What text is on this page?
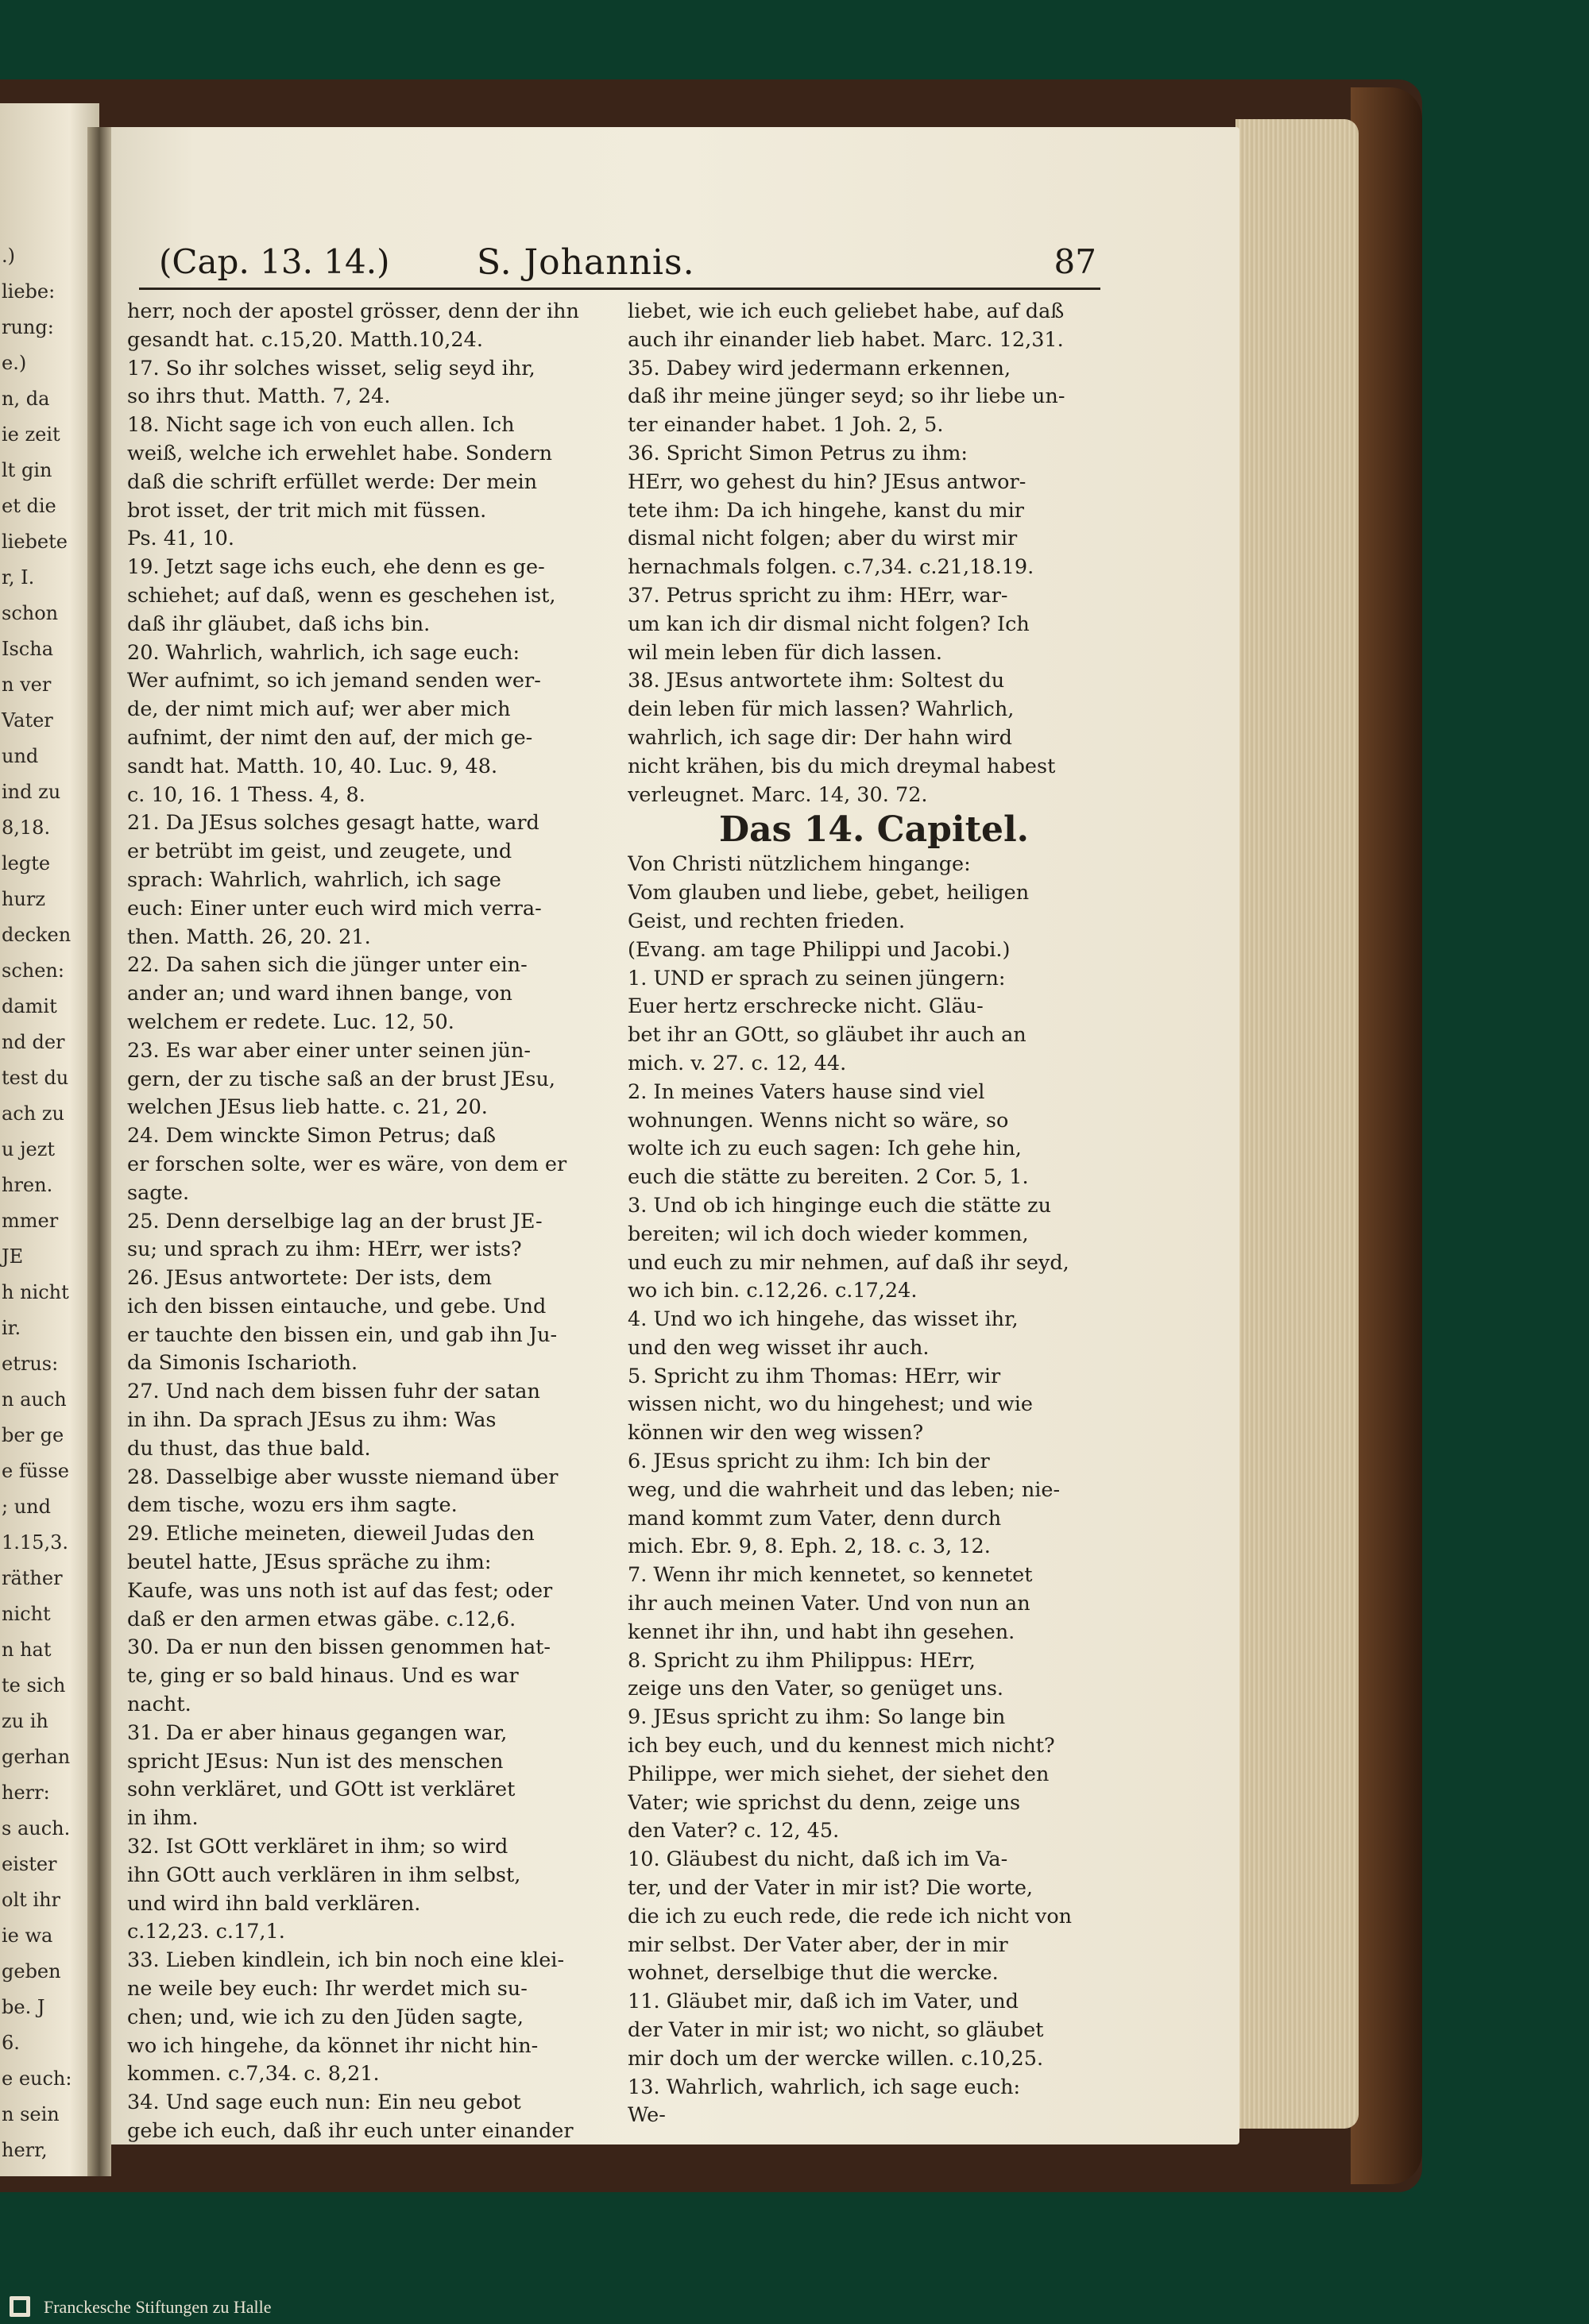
.)
liebe:
rung:
e.)
n, da
ie zeit
lt gin
et die
liebete
r, I.
schon
Ischa
n ver
Vater
und
ind zu
8,18.
legte
hurz
decken
schen:
damit
nd der
test du
ach zu
u jezt
hren.
mmer
JE
h nicht
ir.
etrus:
n auch
ber ge
e füsse
; und
1.15,3.
räther
nicht
n hat
te sich
zu ih
gerhan
herr:
s auch.
eister
olt ihr
ie wa
geben
be. J
6.
e euch:
n sein
herr,
(Cap. 13. 14.) S. Johannis.	87
herr, noch der apostel grösser, denn der ihn
gesandt hat. c.15,20. Matth.10,24.
17. So ihr solches wisset, selig seyd ihr,
so ihrs thut. Matth. 7, 24.
18. Nicht sage ich von euch allen. Ich
weiß, welche ich erwehlet habe. Sondern
daß die schrift erfüllet werde: Der mein
brot isset, der trit mich mit füssen.
Ps. 41, 10.
19. Jetzt sage ichs euch, ehe denn es ge-
schiehet; auf daß, wenn es geschehen ist,
daß ihr gläubet, daß ichs bin.
20. Wahrlich, wahrlich, ich sage euch:
Wer aufnimt, so ich jemand senden wer-
de, der nimt mich auf; wer aber mich
aufnimt, der nimt den auf, der mich ge-
sandt hat. Matth. 10, 40. Luc. 9, 48.
c. 10, 16. 1 Thess. 4, 8.
21. Da JEsus solches gesagt hatte, ward
er betrübt im geist, und zeugete, und
sprach: Wahrlich, wahrlich, ich sage
euch: Einer unter euch wird mich verra-
then. Matth. 26, 20. 21.
22. Da sahen sich die jünger unter ein-
ander an; und ward ihnen bange, von
welchem er redete. Luc. 12, 50.
23. Es war aber einer unter seinen jün-
gern, der zu tische saß an der brust JEsu,
welchen JEsus lieb hatte. c. 21, 20.
24. Dem winckte Simon Petrus; daß
er forschen solte, wer es wäre, von dem er
sagte.
25. Denn derselbige lag an der brust JE-
su; und sprach zu ihm: HErr, wer ists?
26. JEsus antwortete: Der ists, dem
ich den bissen eintauche, und gebe. Und
er tauchte den bissen ein, und gab ihn Ju-
da Simonis Ischarioth.
27. Und nach dem bissen fuhr der satan
in ihn. Da sprach JEsus zu ihm: Was
du thust, das thue bald.
28. Dasselbige aber wusste niemand über
dem tische, wozu ers ihm sagte.
29. Etliche meineten, dieweil Judas den
beutel hatte, JEsus spräche zu ihm:
Kaufe, was uns noth ist auf das fest; oder
daß er den armen etwas gäbe. c.12,6.
30. Da er nun den bissen genommen hat-
te, ging er so bald hinaus. Und es war
nacht.
31. Da er aber hinaus gegangen war,
spricht JEsus: Nun ist des menschen
sohn verkläret, und GOtt ist verkläret
in ihm.
32. Ist GOtt verkläret in ihm; so wird
ihn GOtt auch verklären in ihm selbst,
und wird ihn bald verklären.
c.12,23. c.17,1.
33. Lieben kindlein, ich bin noch eine klei-
ne weile bey euch: Ihr werdet mich su-
chen; und, wie ich zu den Jüden sagte,
wo ich hingehe, da könnet ihr nicht hin-
kommen. c.7,34. c. 8,21.
34. Und sage euch nun: Ein neu gebot
gebe ich euch, daß ihr euch unter einander
liebet, wie ich euch geliebet habe, auf daß
auch ihr einander lieb habet. Marc. 12,31.
35. Dabey wird jedermann erkennen,
daß ihr meine jünger seyd; so ihr liebe un-
ter einander habet. 1 Joh. 2, 5.
36. Spricht Simon Petrus zu ihm:
HErr, wo gehest du hin? JEsus antwor-
tete ihm: Da ich hingehe, kanst du mir
dismal nicht folgen; aber du wirst mir
hernachmals folgen. c.7,34. c.21,18.19.
37. Petrus spricht zu ihm: HErr, war-
um kan ich dir dismal nicht folgen? Ich
wil mein leben für dich lassen.
38. JEsus antwortete ihm: Soltest du
dein leben für mich lassen? Wahrlich,
wahrlich, ich sage dir: Der hahn wird
nicht krähen, bis du mich dreymal habest
verleugnet. Marc. 14, 30. 72.
Das 14. Capitel.
Von Christi nützlichem hingange:
Vom glauben und liebe, gebet, heiligen
Geist, und rechten frieden.
(Evang. am tage Philippi und Jacobi.)
1. UND er sprach zu seinen jüngern:
Euer hertz erschrecke nicht. Gläu-
bet ihr an GOtt, so gläubet ihr auch an
mich. v. 27. c. 12, 44.
2. In meines Vaters hause sind viel
wohnungen. Wenns nicht so wäre, so
wolte ich zu euch sagen: Ich gehe hin,
euch die stätte zu bereiten. 2 Cor. 5, 1.
3. Und ob ich hinginge euch die stätte zu
bereiten; wil ich doch wieder kommen,
und euch zu mir nehmen, auf daß ihr seyd,
wo ich bin. c.12,26. c.17,24.
4. Und wo ich hingehe, das wisset ihr,
und den weg wisset ihr auch.
5. Spricht zu ihm Thomas: HErr, wir
wissen nicht, wo du hingehest; und wie
können wir den weg wissen?
6. JEsus spricht zu ihm: Ich bin der
weg, und die wahrheit und das leben; nie-
mand kommt zum Vater, denn durch
mich. Ebr. 9, 8. Eph. 2, 18. c. 3, 12.
7. Wenn ihr mich kennetet, so kennetet
ihr auch meinen Vater. Und von nun an
kennet ihr ihn, und habt ihn gesehen.
8. Spricht zu ihm Philippus: HErr,
zeige uns den Vater, so genüget uns.
9. JEsus spricht zu ihm: So lange bin
ich bey euch, und du kennest mich nicht?
Philippe, wer mich siehet, der siehet den
Vater; wie sprichst du denn, zeige uns
den Vater? c. 12, 45.
10. Gläubest du nicht, daß ich im Va-
ter, und der Vater in mir ist? Die worte,
die ich zu euch rede, die rede ich nicht von
mir selbst. Der Vater aber, der in mir
wohnet, derselbige thut die wercke.
11. Gläubet mir, daß ich im Vater, und
der Vater in mir ist; wo nicht, so gläubet
mir doch um der wercke willen. c.10,25.
13. Wahrlich, wahrlich, ich sage euch:
We-
Franckesche Stiftungen zu Halle
